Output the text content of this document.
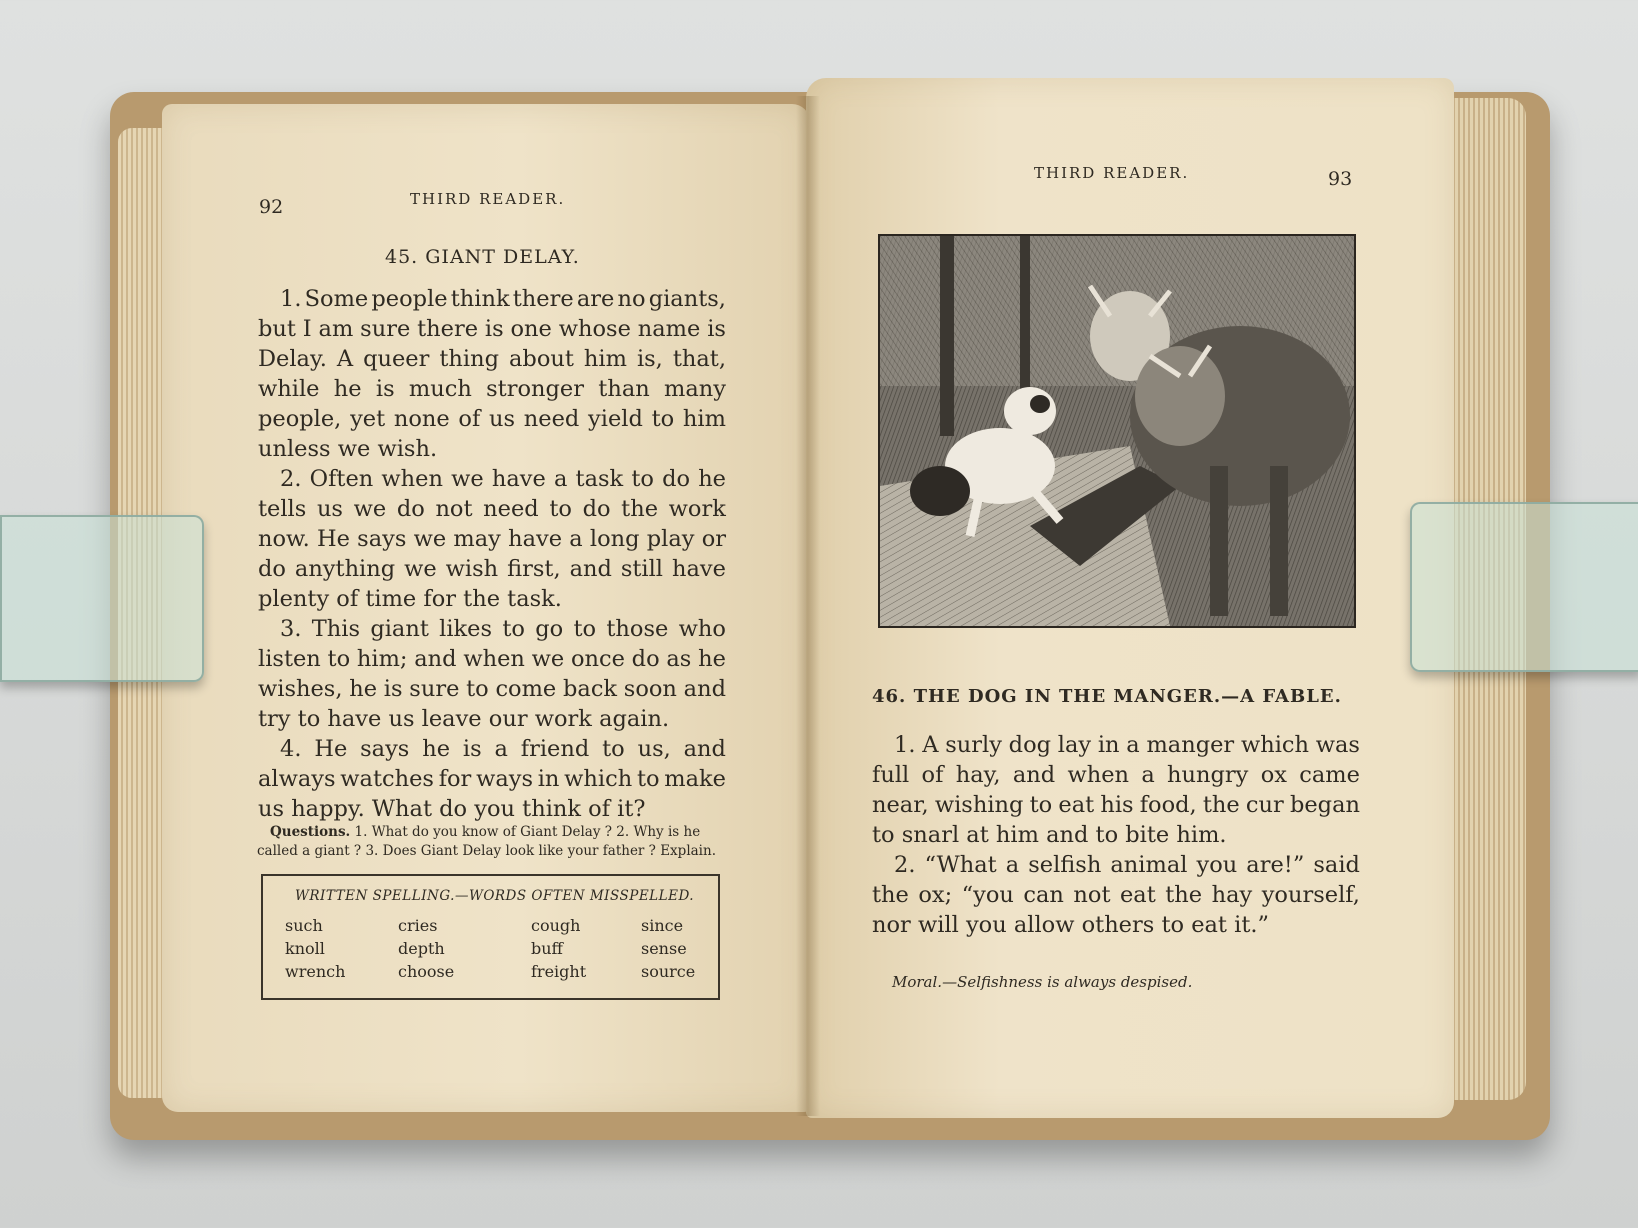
92	THIRD READER.
45. GIANT DELAY.
1. Some people think there are no giants,
but I am sure there is one whose name is
Delay. A queer thing about him is, that,
while he is much stronger than many
people, yet none of us need yield to him
unless we wish.
2. Often when we have a task to do he
tells us we do not need to do the work
now. He says we may have a long play or
do anything we wish first, and still have
plenty of time for the task.
3. This giant likes to go to those who
listen to him; and when we once do as he
wishes, he is sure to come back soon and
try to have us leave our work again.
4. He says he is a friend to us, and
always watches for ways in which to make
us happy. What do you think of it?
Questions. 1. What do you know of Giant Delay ? 2. Why is he
called a giant ? 3. Does Giant Delay look like your father ? Explain.
WRITTEN SPELLING.—WORDS OFTEN MISSPELLED.
such
knoll
wrench
cries
depth
choose
cough
buff
freight
since
sense
source
THIRD READER.	93
46. THE DOG IN THE MANGER.—A FABLE.
1. A surly dog lay in a manger which was
full of hay, and when a hungry ox came
near, wishing to eat his food, the cur began
to snarl at him and to bite him.
2. “What a selfish animal you are!” said
the ox; “you can not eat the hay yourself,
nor will you allow others to eat it.”
Moral.—Selfishness is always despised.
